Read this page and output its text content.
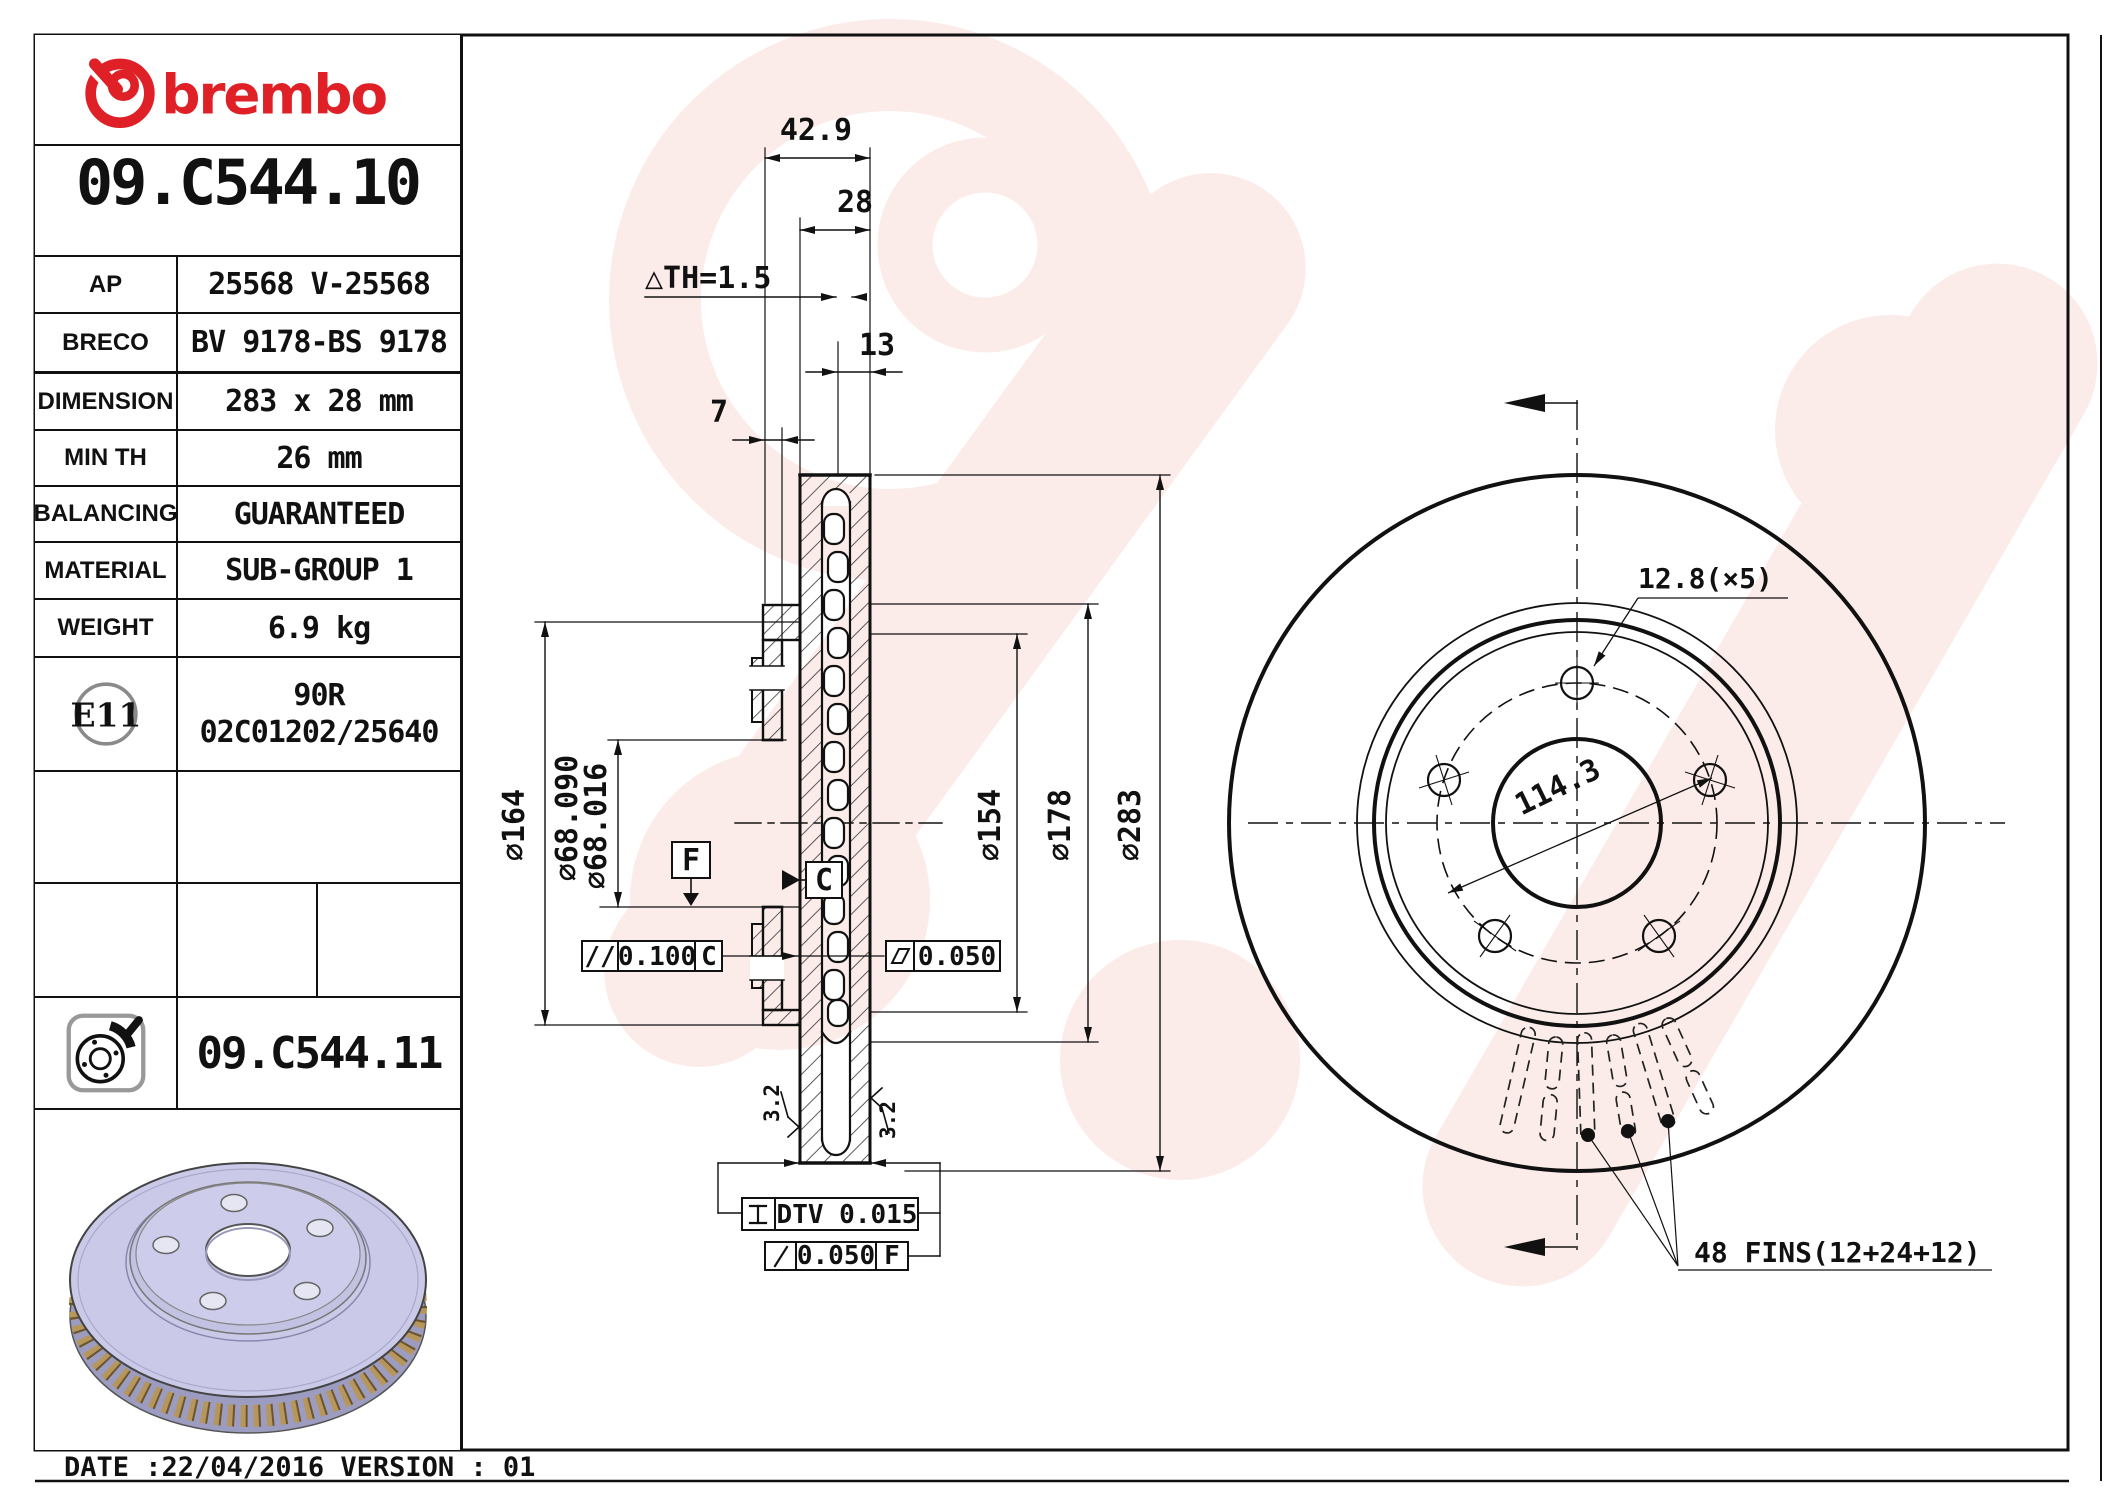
42.9
28
△TH=1.5
13
7
∅164 ∅68.090
∅68.016	∅154 ∅178 ∅283
F
C
// 0.100 C	0.050
DTV 0.015
0.050 F
3.2	3.2
12.8(×5)
114.3
48 FINS(12+24+12)
brembo
09.C544.10
AP	25568 V-25568
BRECO	BV 9178-BS 9178
DIMENSION	283 x 28 mm
MIN TH	26 mm
BALANCING	GUARANTEED
MATERIAL	SUB-GROUP 1
WEIGHT	6.9 kg
E11
90R
02C01202/25640
09.C544.11
DATE :22/04/2016 VERSION : 01
